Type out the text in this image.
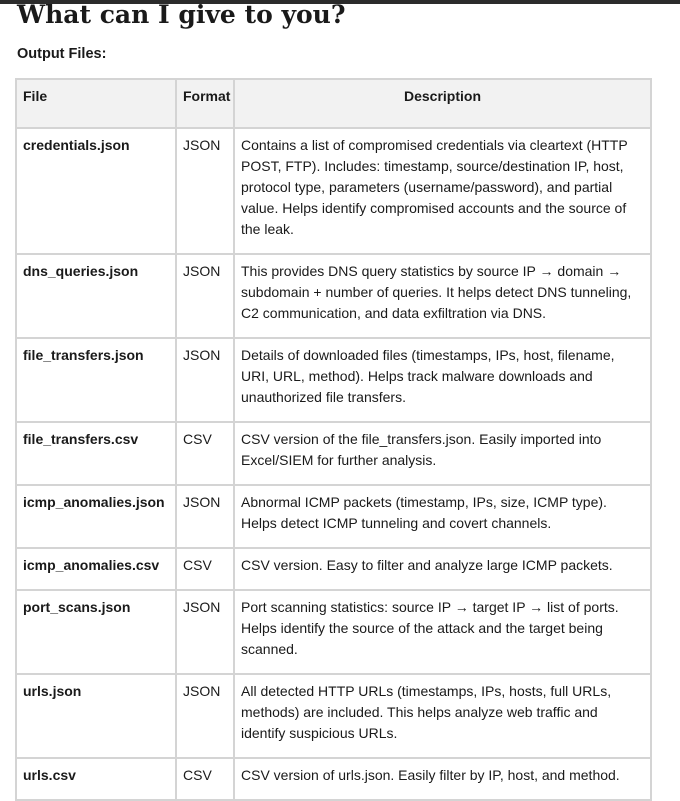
What can I give to you?

Output Files:

File	Format	Description
credentials.json	JSON	Contains a list of compromised credentials via cleartext (HTTP POST, FTP). Includes: timestamp, source/destination IP, host, protocol type, parameters (username/password), and partial value. Helps identify compromised accounts and the source of the leak.
dns_queries.json	JSON	This provides DNS query statistics by source IP → domain → subdomain + number of queries. It helps detect DNS tunneling, C2 communication, and data exfiltration via DNS.
file_transfers.json	JSON	Details of downloaded files (timestamps, IPs, host, filename, URI, URL, method). Helps track malware downloads and unauthorized file transfers.
file_transfers.csv	CSV	CSV version of the file_transfers.json. Easily imported into Excel/SIEM for further analysis.
icmp_anomalies.json	JSON	Abnormal ICMP packets (timestamp, IPs, size, ICMP type). Helps detect ICMP tunneling and covert channels.
icmp_anomalies.csv	CSV	CSV version. Easy to filter and analyze large ICMP packets.
port_scans.json	JSON	Port scanning statistics: source IP → target IP → list of ports. Helps identify the source of the attack and the target being scanned.
urls.json	JSON	All detected HTTP URLs (timestamps, IPs, hosts, full URLs, methods) are included. This helps analyze web traffic and identify suspicious URLs.
urls.csv	CSV	CSV version of urls.json. Easily filter by IP, host, and method.
